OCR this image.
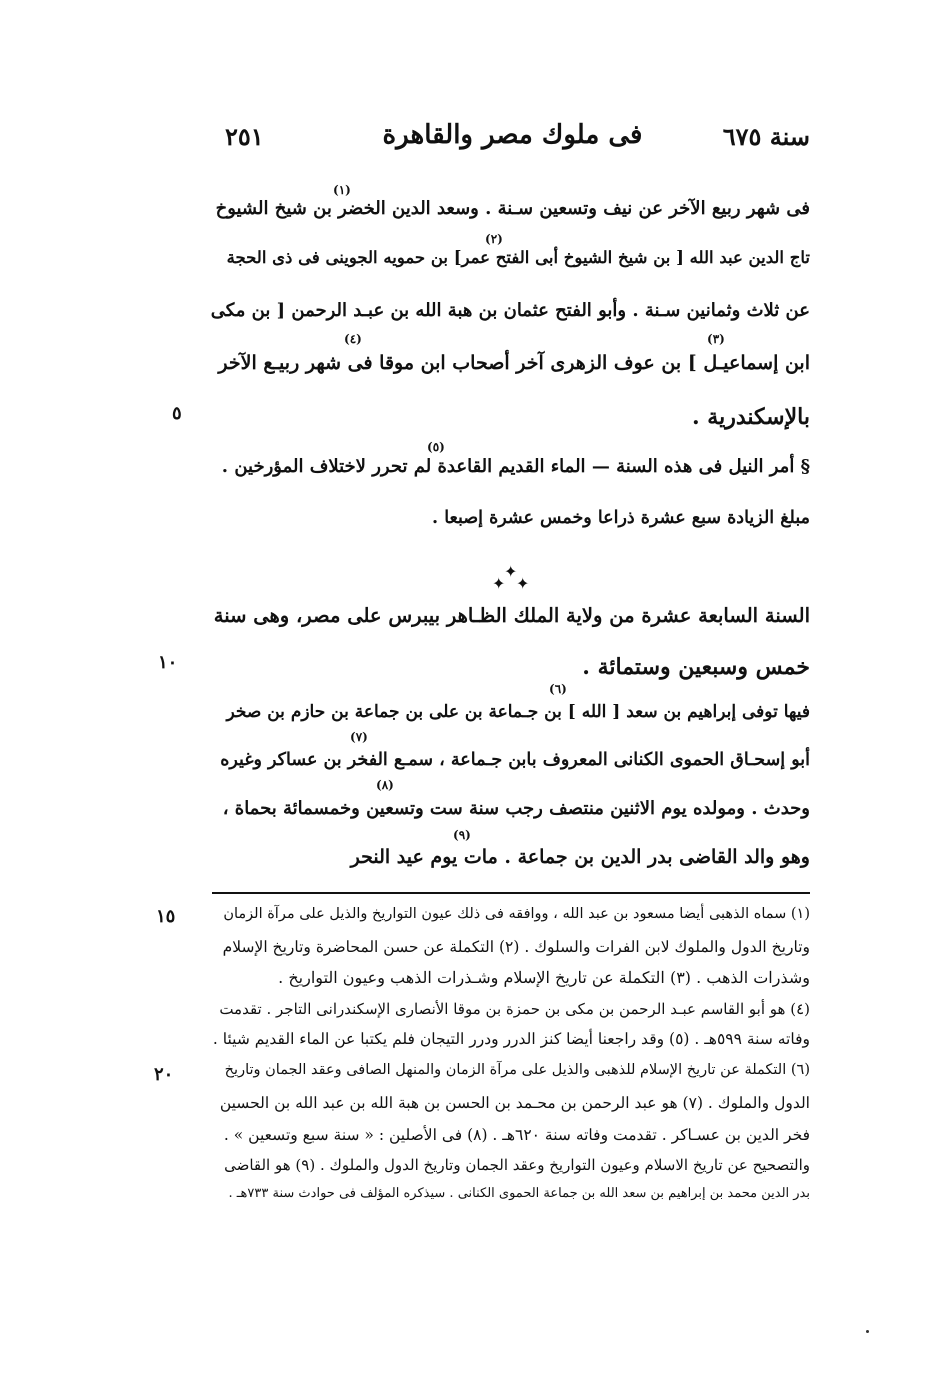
سنة ٦٧٥
فى ملوك مصر والقاهرة
٢٥١
٥
١٠
١٥
٢٠
(١)
(٢)
(٣)
(٤)
(٥)
(٦)
(٧)
(٨)
(٩)
فى شهر ربيع الآخر عن نيف وتسعين سـنة . وسعد الدين الخضر بن شيخ الشيوخ
تاج الدين عبد الله [ بن شيخ الشيوخ أبى الفتح عمر] بن حمويه الجوينى فى ذى الحجة
عن ثلاث وثمانين سـنة . وأبو الفتح عثمان بن هبة الله بن عبـد الرحمن [ بن مكى
ابن إسماعيـل ] بن عوف الزهرى آخر أصحاب ابن موقا فى شهر ربيـع الآخر
بالإسكندرية .
§ أمر النيل فى هذه السنة — الماء القديم القاعدة لم تحرر لاختلاف المؤرخين .
مبلغ الزيادة سبع عشرة ذراعا وخمس عشرة إصبعا .
✦
✦ ✦
السنة السابعة عشرة من ولاية الملك الظـاهر بيبرس على مصر، وهى سنة
خمس وسبعين وستمائة .
فيها توفى إبراهيم بن سعد [ الله ] بن جـماعة بن على بن جماعة بن حازم بن صخر
أبو إسحـاق الحموى الكنانى المعروف بابن جـماعة ، سمـع الفخر بن عساكر وغيره
وحدث . ومولده يوم الاثنين منتصف رجب سنة ست وتسعين وخمسمائة بحماة ،
وهو والد القاضى بدر الدين بن جماعة . مات يوم عيد النحر
(١) سماه الذهبى أيضا مسعود بن عبد الله ، ووافقه فى ذلك عيون التواريخ والذيل على مرآة الزمان
وتاريخ الدول والملوك لابن الفرات والسلوك . (٢) التكملة عن حسن المحاضرة وتاريخ الإسلام
وشذرات الذهب . (٣) التكملة عن تاريخ الإسلام وشـذرات الذهب وعيون التواريخ .
(٤) هو أبو القاسم عبـد الرحمن بن مكى بن حمزة بن موقا الأنصارى الإسكندرانى التاجر . تقدمت
وفاته سنة ٥٩٩هـ . (٥) وقد راجعنا أيضا كنز الدرر ودرر التيجان فلم يكتبا عن الماء القديم شيئا .
(٦) التكملة عن تاريخ الإسلام للذهبى والذيل على مرآة الزمان والمنهل الصافى وعقد الجمان وتاريخ
الدول والملوك . (٧) هو عبد الرحمن بن محـمد بن الحسن بن هبة الله بن عبد الله بن الحسين
فخر الدين بن عسـاكر . تقدمت وفاته سنة ٦٢٠هـ . (٨) فى الأصلين : « سنة سبع وتسعين » .
والتصحيح عن تاريخ الاسلام وعيون التواريخ وعقد الجمان وتاريخ الدول والملوك . (٩) هو القاضى
بدر الدين محمد بن إبراهيم بن سعد الله بن جماعة الحموى الكنانى . سيذكره المؤلف فى حوادث سنة ٧٣٣هـ .
